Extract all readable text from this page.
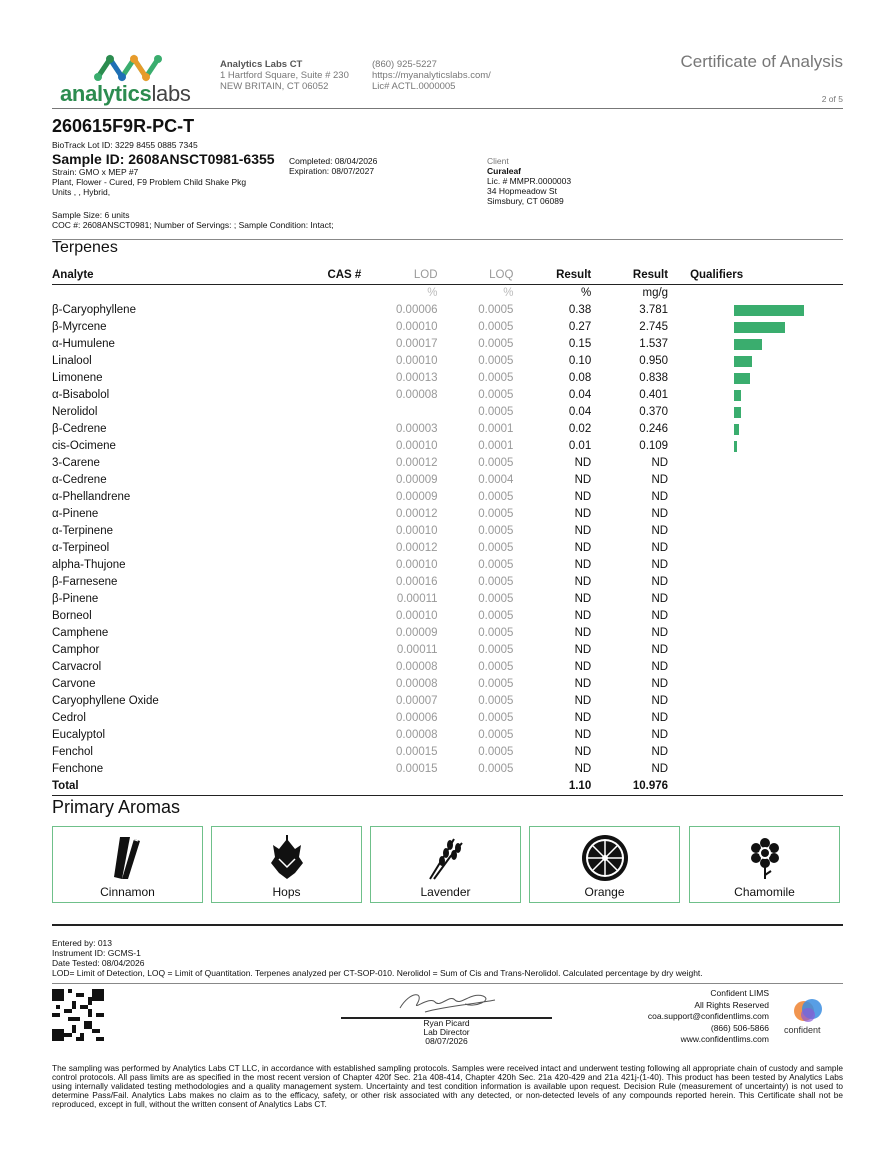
analyticslabs
Analytics Labs CT
1 Hartford Square, Suite # 230
NEW BRITAIN, CT 06052
(860) 925-5227
https://myanalyticslabs.com/
Lic# ACTL.0000005
Certificate of Analysis
2 of 5
260615F9R-PC-T
BioTrack Lot ID: 3229 8455 0885 7345
Sample ID: 2608ANSCT0981-6355
Strain: GMO x MEP #7
Plant, Flower - Cured, F9 Problem Child Shake Pkg
Units , , Hybrid,
Completed: 08/04/2026
Expiration: 08/07/2027
Client
Curaleaf
Lic. # MMPR.0000003
34 Hopmeadow St
Simsbury, CT 06089
Sample Size: 6 units
COC #: 2608ANSCT0981; Number of Servings: ; Sample Condition: Intact;
Terpenes
Analyte	CAS #	LOD	LOQ	Result	Result	Qualifiers
		%	%	%	mg/g	
β-Caryophyllene		0.00006	0.0005	0.38	3.781	

β-Myrcene		0.00010	0.0005	0.27	2.745	

α-Humulene		0.00017	0.0005	0.15	1.537	

Linalool		0.00010	0.0005	0.10	0.950	

Limonene		0.00013	0.0005	0.08	0.838	

α-Bisabolol		0.00008	0.0005	0.04	0.401	

Nerolidol			0.0005	0.04	0.370	

β-Cedrene		0.00003	0.0001	0.02	0.246	

cis-Ocimene		0.00010	0.0001	0.01	0.109	

3-Carene		0.00012	0.0005	ND	ND	
α-Cedrene		0.00009	0.0004	ND	ND	
α-Phellandrene		0.00009	0.0005	ND	ND	
α-Pinene		0.00012	0.0005	ND	ND	
α-Terpinene		0.00010	0.0005	ND	ND	
α-Terpineol		0.00012	0.0005	ND	ND	
alpha-Thujone		0.00010	0.0005	ND	ND	
β-Farnesene		0.00016	0.0005	ND	ND	
β-Pinene		0.00011	0.0005	ND	ND	
Borneol		0.00010	0.0005	ND	ND	
Camphene		0.00009	0.0005	ND	ND	
Camphor		0.00011	0.0005	ND	ND	
Carvacrol		0.00008	0.0005	ND	ND	
Carvone		0.00008	0.0005	ND	ND	
Caryophyllene Oxide		0.00007	0.0005	ND	ND	
Cedrol		0.00006	0.0005	ND	ND	
Eucalyptol		0.00008	0.0005	ND	ND	
Fenchol		0.00015	0.0005	ND	ND	
Fenchone		0.00015	0.0005	ND	ND	
Total				1.10	10.976	
Primary Aromas
Cinnamon	Hops	Lavender	Orange	Chamomile
Entered by: 013
Instrument ID: GCMS-1
Date Tested: 08/04/2026
LOD= Limit of Detection, LOQ = Limit of Quantitation. Terpenes analyzed per CT-SOP-010. Nerolidol = Sum of Cis and Trans-Nerolidol. Calculated percentage by dry weight.
Ryan Picard
Lab Director
08/07/2026
Confident LIMS
All Rights Reserved
coa.support@confidentlims.com
(866) 506-5866
www.confidentlims.com
confident
The sampling was performed by Analytics Labs CT LLC, in accordance with established sampling protocols. Samples were received intact and underwent testing following all appropriate chain of custody and sample control protocols. All pass limits are as specified in the most recent version of Chapter 420f Sec. 21a 408-414, Chapter 420h Sec. 21a 420-429 and 21a 421j-(1-40). This product has been tested by Analytics Labs using internally validated testing methodologies and a quality management system. Uncertainty and test condition information is available upon request. Decision Rule (measurement of uncertainty) is not used to determine Pass/Fail. Analytics Labs makes no claim as to the efficacy, safety, or other risk associated with any detected, or non-detected levels of any compounds reported herein. This Certificate shall not be reproduced, except in full, without the written consent of Analytics Labs CT.
